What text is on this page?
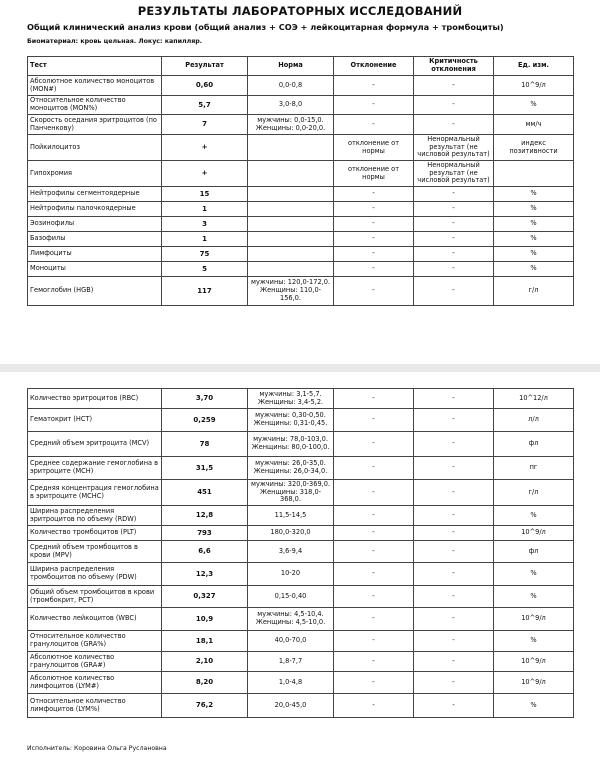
РЕЗУЛЬТАТЫ ЛАБОРАТОРНЫХ ИССЛЕДОВАНИЙ
Общий клинический анализ крови (общий анализ + СОЭ + лейкоцитарная формула + тромбоциты)
Биоматериал: кровь цельная. Локус: капилляр.
Тест	Результат	Норма	Отклонение	Критичность отклонения	Ед. изм.
Абсолютное количество моноцитов (MON#)	0,60	0,0-0,8	-	-	10^9/л
Относительное количество моноцитов (MON%)	5,7	3,0-8,0	-	-	%
Скорость оседания эритроцитов (по Панченкову)	7	мужчины: 0,0-15,0. Женщины: 0,0-20,0.	-	-	мм/ч
Пойкилоцитоз	+		отклонение от нормы	Ненормальный результат (не числовой результат)	индекс позитивности
Гипохромия	+		отклонение от нормы	Ненормальный результат (не числовой результат)	
Нейтрофилы сегментоядерные	15		-	-	%
Нейтрофилы палочкоядерные	1		-	-	%
Эозинофилы	3		-	-	%
Базофилы	1		-	-	%
Лимфоциты	75		-	-	%
Моноциты	5		-	-	%
Гемоглобин (HGB)	117	мужчины: 120,0-172,0. Женщины: 110,0-156,0.	-	-	г/л
Количество эритроцитов (RBC)	3,70	мужчины: 3,1-5,7. Женщины: 3,4-5,2.	-	-	10^12/л
Гематокрит (HCT)	0,259	мужчины: 0,30-0,50. Женщины: 0,31-0,45.	-	-	л/л
Средний объем эритроцита (MCV)	78	мужчины: 78,0-103,0. Женщины: 80,0-100,0.	-	-	фл
Среднее содержание гемоглобина в эритроците (MCH)	31,5	мужчины: 26,0-35,0. Женщины: 26,0-34,0.	-	-	пг
Средняя концентрация гемоглобина в эритроците (MCHC)	451	мужчины: 320,0-369,0. Женщины: 318,0-368,0.	-	-	г/л
Ширина распределения эритроцитов по объему (RDW)	12,8	11,5-14,5	-	-	%
Количество тромбоцитов (PLT)	793	180,0-320,0	-	-	10^9/л
Средний объем тромбоцитов в крови (MPV)	6,6	3,6-9,4	-	-	фл
Ширина распределения тромбоцитов по объему (PDW)	12,3	10-20	-	-	%
Общий объем тромбоцитов в крови (тромбокрит, PCT)	0,327	0,15-0,40	-	-	%
Количество лейкоцитов (WBC)	10,9	мужчины: 4,5-10,4. Женщины: 4,5-10,0.	-	-	10^9/л
Относительное количество гранулоцитов (GRA%)	18,1	40,0-70,0	-	-	%
Абсолютное количество гранулоцитов (GRA#)	2,10	1,8-7,7	-	-	10^9/л
Абсолютное количество лимфоцитов (LYM#)	8,20	1,0-4,8	-	-	10^9/л
Относительное количество лимфоцитов (LYM%)	76,2	20,0-45,0	-	-	%
Исполнитель: Коровина Ольга Руслановна
